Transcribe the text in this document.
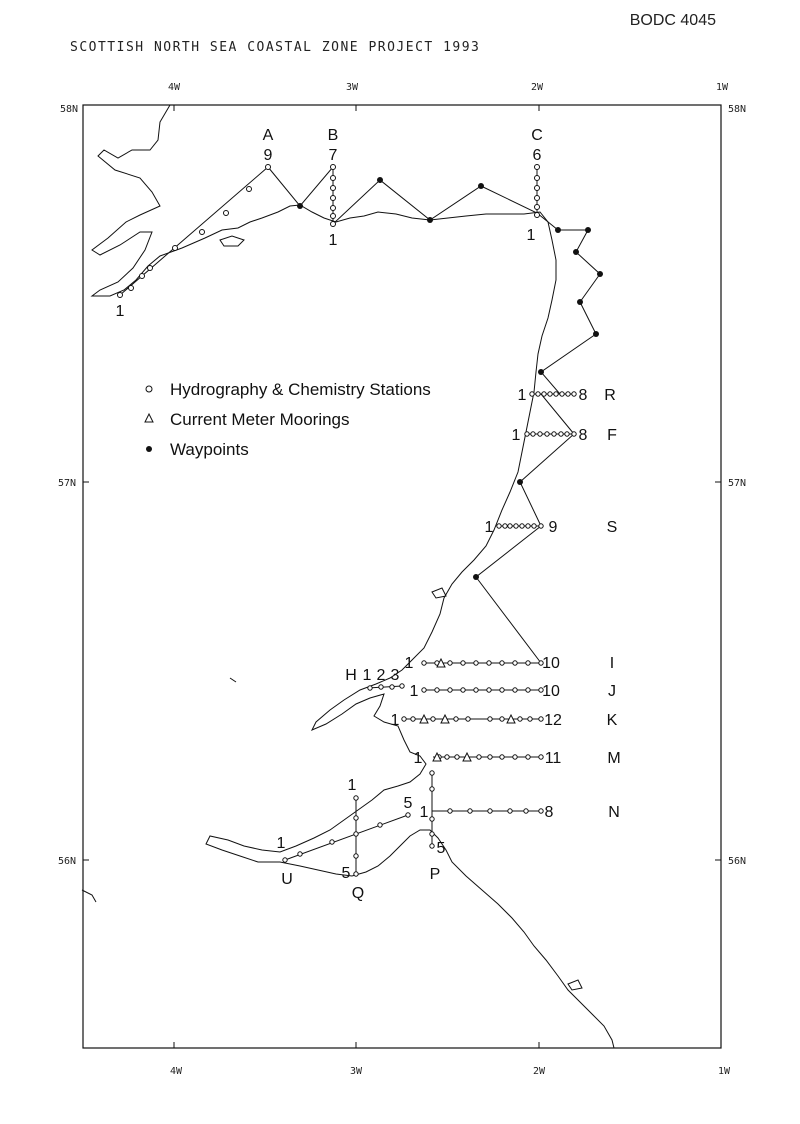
BODC 4045
SCOTTISH NORTH SEA COASTAL ZONE PROJECT 1993
4W	3W	2W	1W
4W	3W	2W	1W
58N	58N
57N	57N
56N	56N
Hydrography & Chemistry Stations
Current Meter Moorings
Waypoints
A
9
1
B
7
1
C
6
1
1	8 R
1	8 F
1	9	S
1	10	I
1	10	J
1	12	K
1	11	M
1	8	N
H 1 2 3
1
5
U
1
5
Q
5
P
